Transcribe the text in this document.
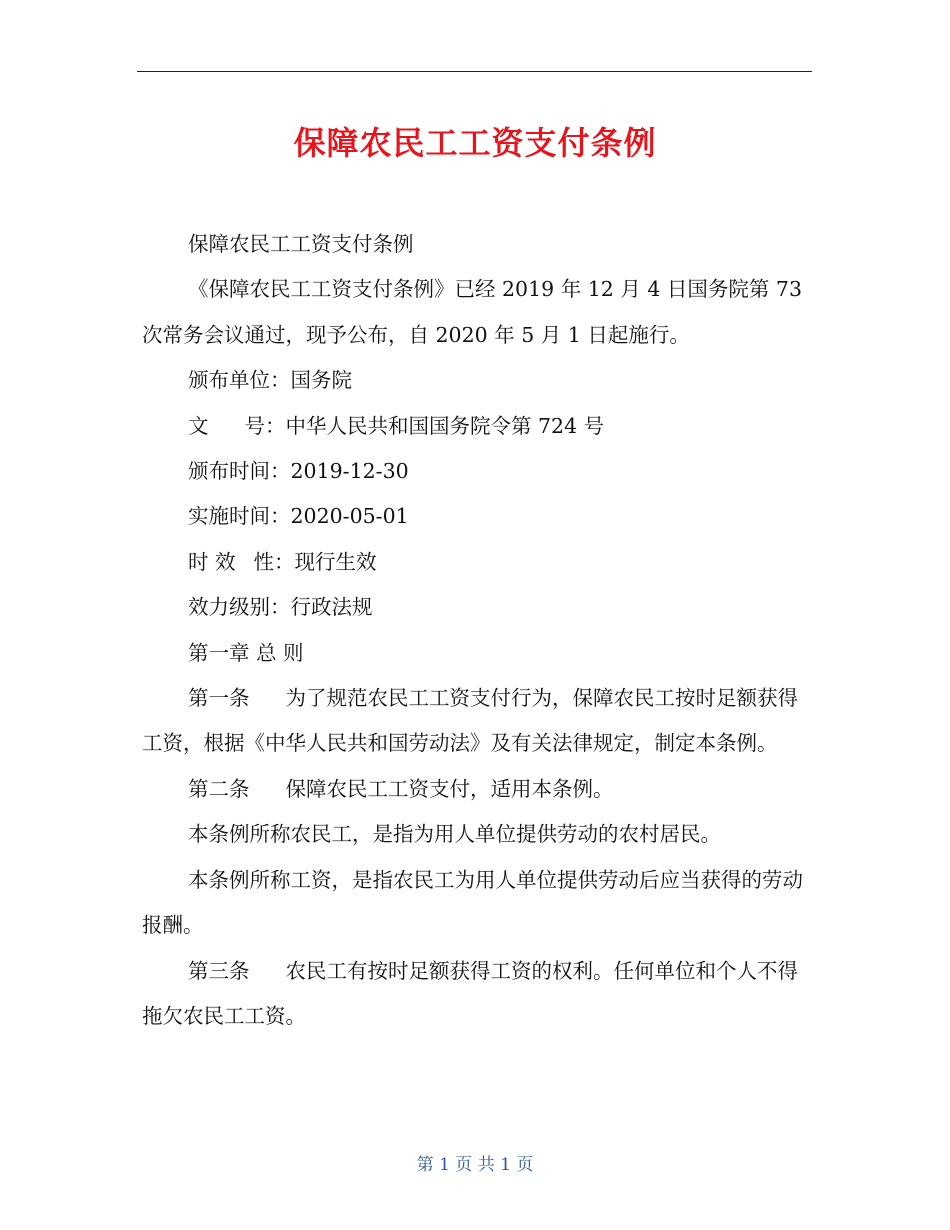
保障农民工工资支付条例

保障农民工工资支付条例

《保障农民工工资支付条例》已经 2019 年 12 月 4 日国务院第 73 次常务会议通过，现予公布，自 2020 年 5 月 1 日起施行。

颁布单位：国务院

文 号：中华人民共和国国务院令第 724 号

颁布时间：2019-12-30

实施时间：2020-05-01

时 效 性：现行生效

效力级别：行政法规

第一章 总 则

第一条 为了规范农民工工资支付行为，保障农民工按时足额获得工资，根据《中华人民共和国劳动法》及有关法律规定，制定本条例。

第二条 保障农民工工资支付，适用本条例。

本条例所称农民工，是指为用人单位提供劳动的农村居民。

本条例所称工资，是指农民工为用人单位提供劳动后应当获得的劳动报酬。

第三条 农民工有按时足额获得工资的权利。任何单位和个人不得拖欠农民工工资。

第 1 页 共 1 页
